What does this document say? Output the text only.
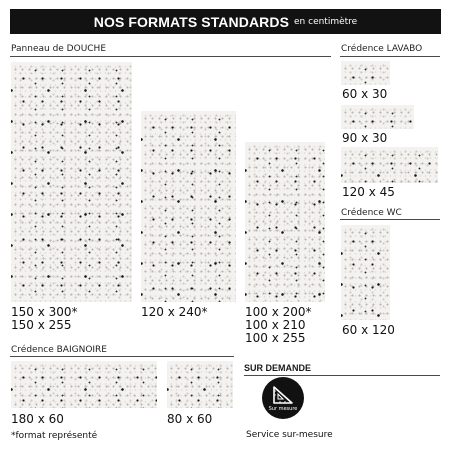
NOS FORMATS STANDARDS en centimètre
Panneau de DOUCHE
150 x 300*
150 x 255
120 x 240*	100 x 200*
100 x 210
100 x 255
Crédence LAVABO
60 x 30
90 x 30
120 x 45
Crédence WC
60 x 120
Crédence BAIGNOIRE
180 x 60	80 x 60
*format représenté
SUR DEMANDE
Sur mesure
Service sur-mesure
